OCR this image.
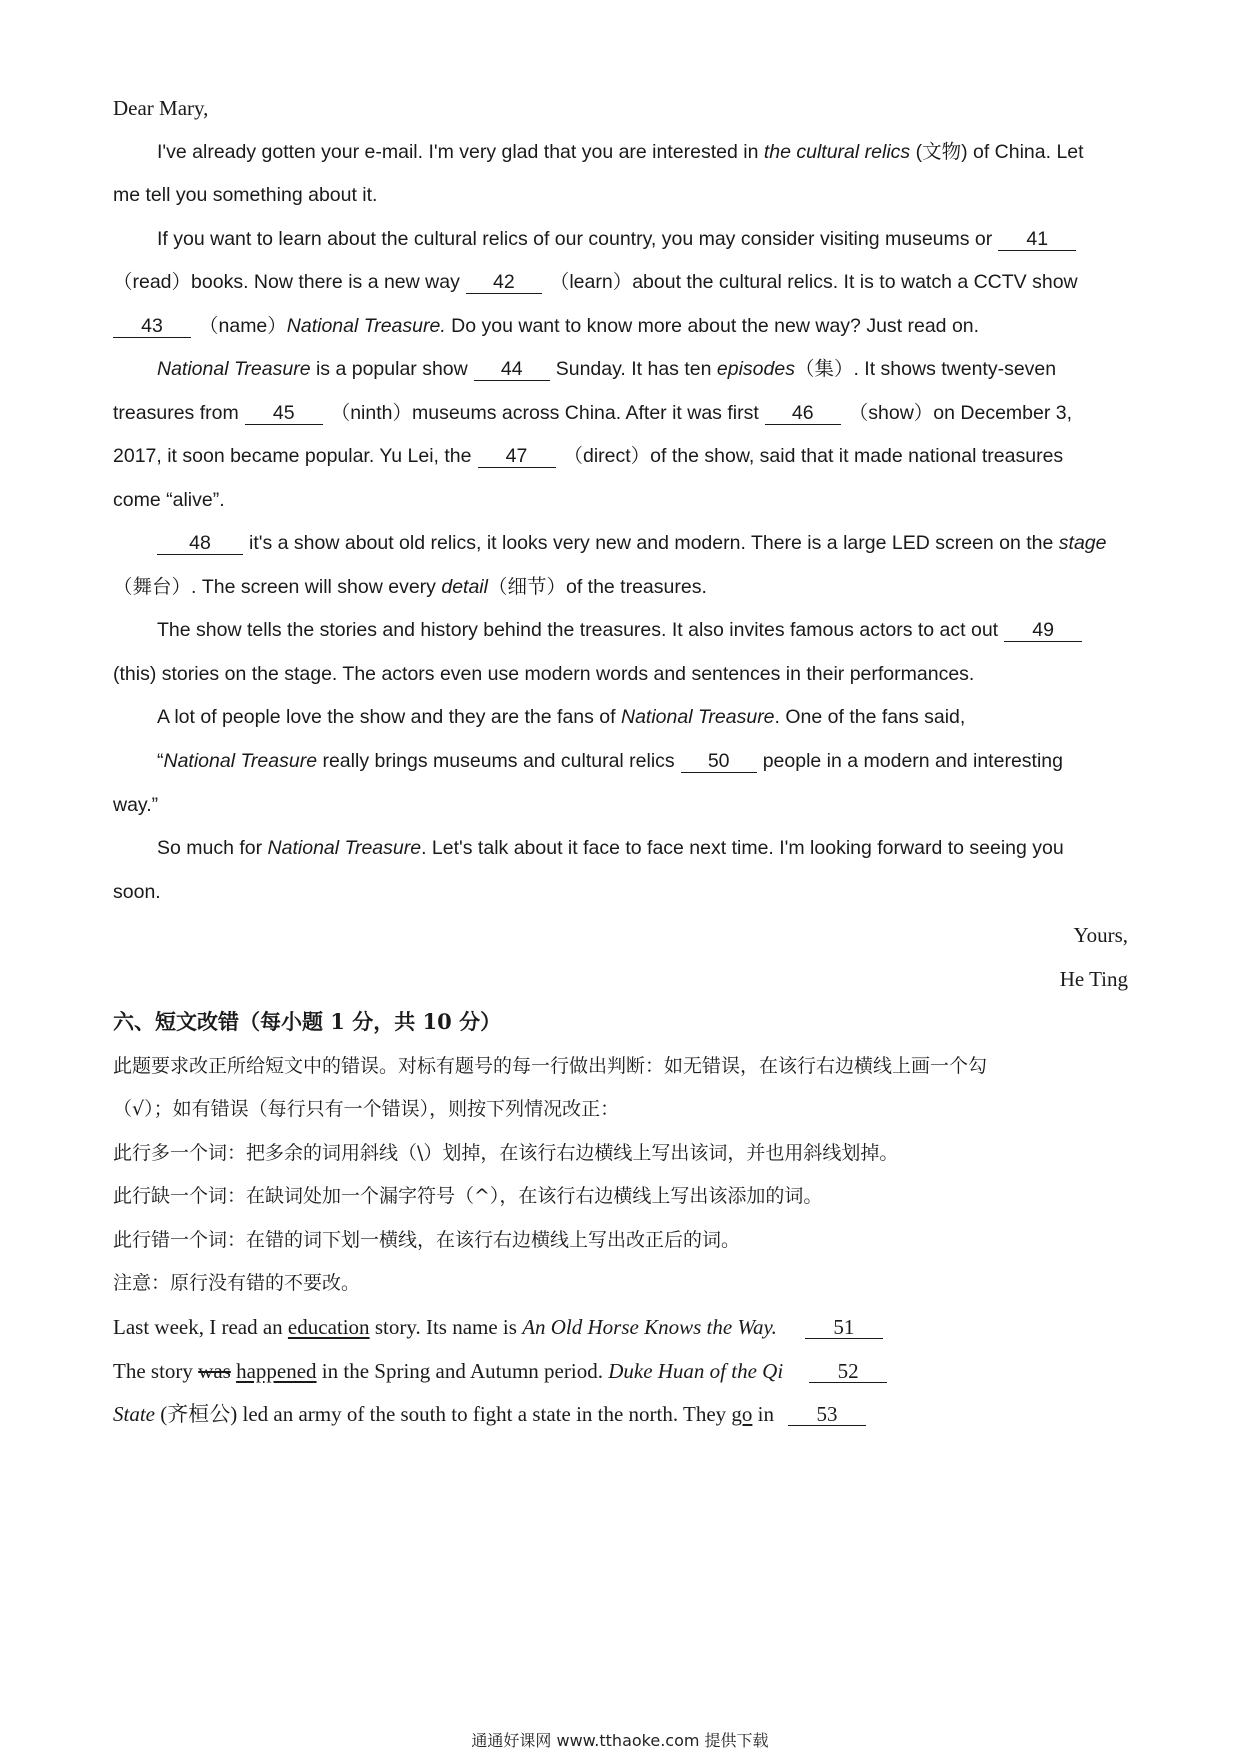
Dear Mary,
I've already gotten your e-mail. I'm very glad that you are interested in the cultural relics (文物) of China. Let
me tell you something about it.
If you want to learn about the cultural relics of our country, you may consider visiting museums or 41
（read）books. Now there is a new way 42 （learn）about the cultural relics. It is to watch a CCTV show
43 （name）National Treasure. Do you want to know more about the new way? Just read on.
National Treasure is a popular show 44 Sunday. It has ten episodes（集）. It shows twenty-seven
treasures from 45 （ninth）museums across China. After it was first 46 （show）on December 3,
2017, it soon became popular. Yu Lei, the 47 （direct）of the show, said that it made national treasures
come “alive”.
48 it's a show about old relics, it looks very new and modern. There is a large LED screen on the stage
（舞台）. The screen will show every detail（细节）of the treasures.
The show tells the stories and history behind the treasures. It also invites famous actors to act out 49
(this) stories on the stage. The actors even use modern words and sentences in their performances.
A lot of people love the show and they are the fans of National Treasure. One of the fans said,
“National Treasure really brings museums and cultural relics 50 people in a modern and interesting
way.”
So much for National Treasure. Let's talk about it face to face next time. I'm looking forward to seeing you
soon.
Yours,
He Ting
六、短文改错（每小题 1 分，共 10 分）
此题要求改正所给短文中的错误。对标有题号的每一行做出判断：如无错误，在该行右边横线上画一个勾
（√）；如有错误（每行只有一个错误），则按下列情况改正：
此行多一个词：把多余的词用斜线（\）划掉，在该行右边横线上写出该词，并也用斜线划掉。
此行缺一个词：在缺词处加一个漏字符号（^），在该行右边横线上写出该添加的词。
此行错一个词：在错的词下划一横线，在该行右边横线上写出改正后的词。
注意：原行没有错的不要改。
Last week, I read an education story. Its name is An Old Horse Knows the Way.	51
The story was happened in the Spring and Autumn period. Duke Huan of the Qi	52
State (齐桓公) led an army of the south to fight a state in the north. They go in 53
通通好课网 www.tthaoke.com 提供下载
